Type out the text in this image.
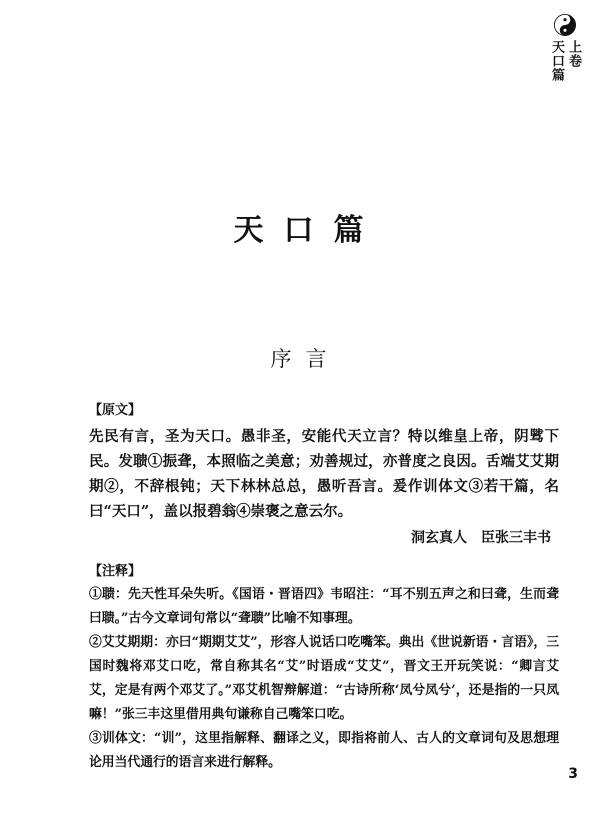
上卷
天口篇
天口篇
序言
【原文】

先民有言，圣为天口。愚非圣，安能代天立言？特以维皇上帝，阴骘下民。发聩①振聋，本照临之美意；劝善规过，亦普度之良因。舌端艾艾期期②，不辞根钝；天下林林总总，愚听吾言。爰作训体文③若干篇，名曰“天口”，盖以报碧翁④崇褒之意云尔。

洞玄真人　臣张三丰书
【注释】

①聩：先天性耳朵失听。《国语・晋语四》韦昭注：“耳不别五声之和曰聋，生而聋曰聩。”古今文章词句常以“聋聩”比喻不知事理。

②艾艾期期：亦曰“期期艾艾”，形容人说话口吃嘴笨。典出《世说新语・言语》，三国时魏将邓艾口吃，常自称其名“艾”时语成“艾艾”，晋文王开玩笑说：“卿言艾艾，定是有两个邓艾了。”邓艾机智辩解道：“古诗所称‘凤兮凤兮’，还是指的一只凤嘛！”张三丰这里借用典句谦称自己嘴笨口吃。

③训体文：“训”，这里指解释、翻译之义，即指将前人、古人的文章词句及思想理论用当代通行的语言来进行解释。

3
